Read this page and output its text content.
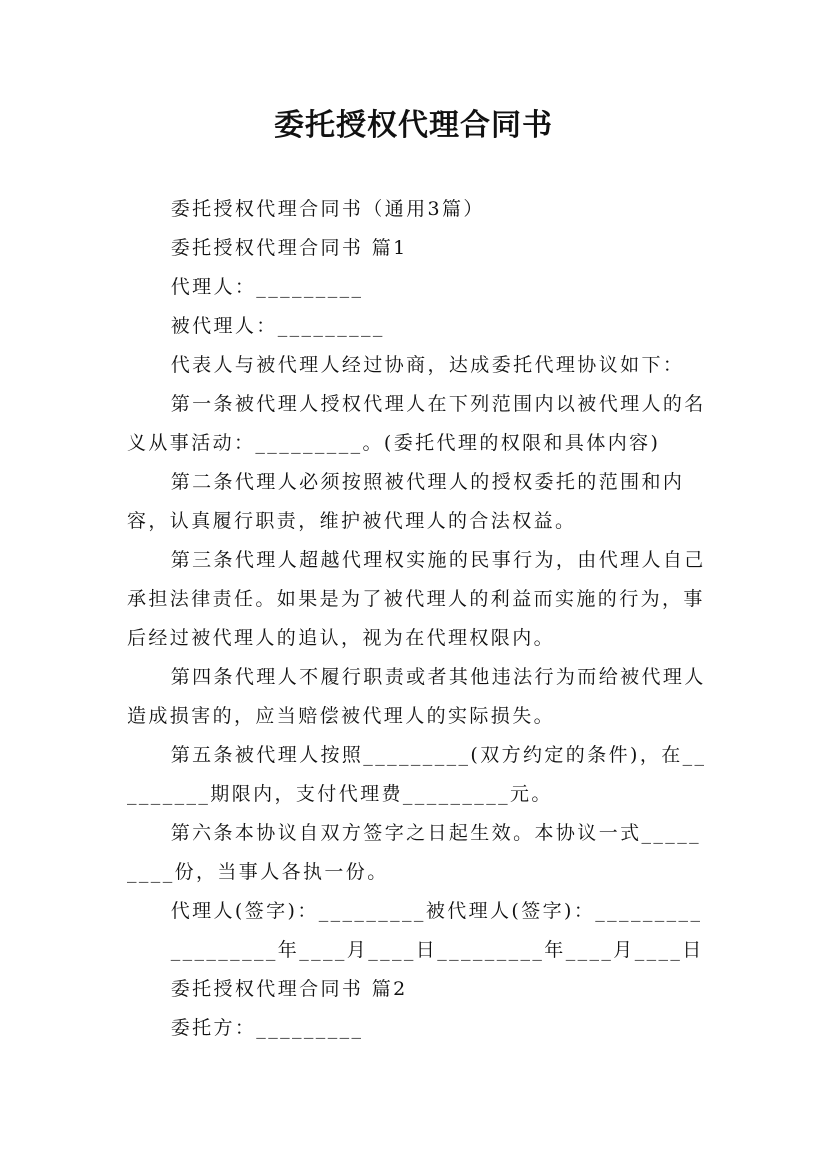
委托授权代理合同书

委托授权代理合同书（通用3篇）

委托授权代理合同书 篇1

代理人：_________

被代理人：_________

代表人与被代理人经过协商，达成委托代理协议如下：

第一条被代理人授权代理人在下列范围内以被代理人的名义从事活动：_________。(委托代理的权限和具体内容)

第二条代理人必须按照被代理人的授权委托的范围和内容，认真履行职责，维护被代理人的合法权益。

第三条代理人超越代理权实施的民事行为，由代理人自己承担法律责任。如果是为了被代理人的利益而实施的行为，事后经过被代理人的追认，视为在代理权限内。

第四条代理人不履行职责或者其他违法行为而给被代理人造成损害的，应当赔偿被代理人的实际损失。

第五条被代理人按照_________(双方约定的条件)，在_________期限内，支付代理费_________元。

第六条本协议自双方签字之日起生效。本协议一式_________份，当事人各执一份。

代理人(签字)：_________被代理人(签字)：_________

_________年____月____日_________年____月____日

委托授权代理合同书 篇2

委托方：_________
